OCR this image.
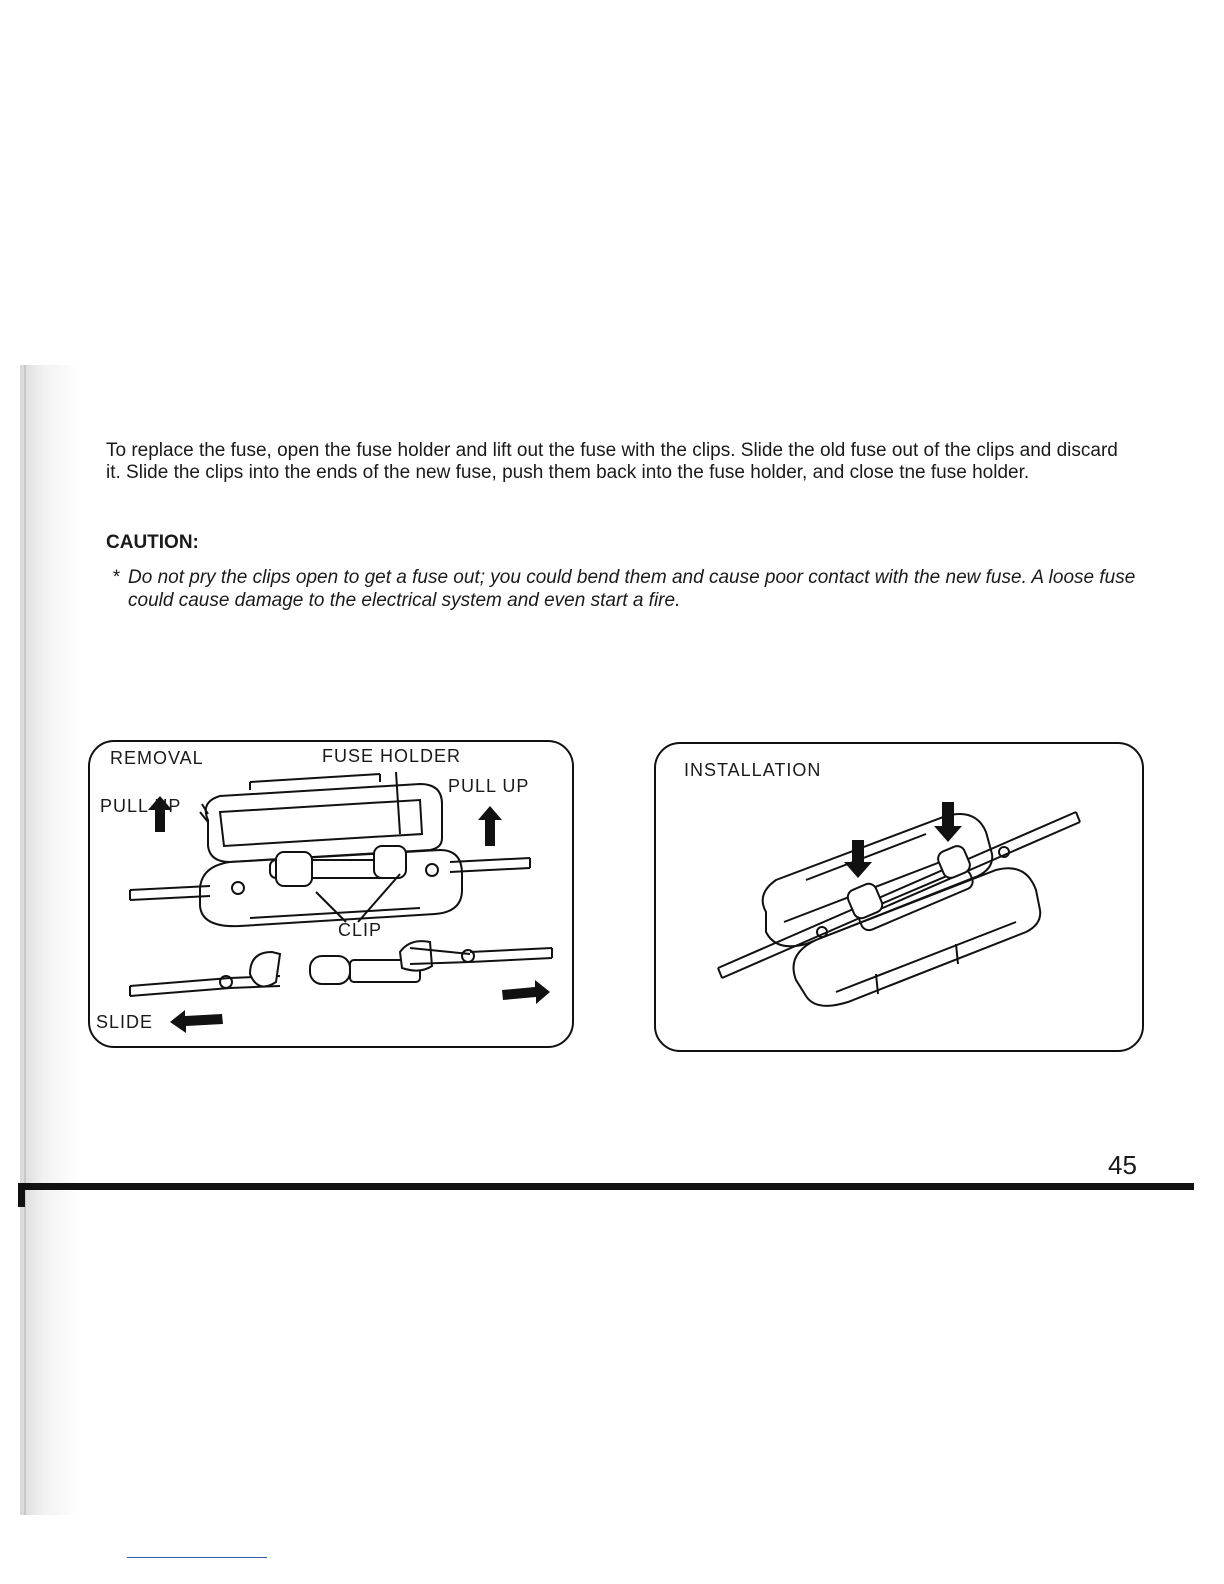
To replace the fuse, open the fuse holder and lift out the fuse with the clips. Slide the old fuse out of the clips and discard it. Slide the clips into the ends of the new fuse, push them back into the fuse holder, and close tne fuse holder.

CAUTION:

* Do not pry the clips open to get a fuse out; you could bend them and cause poor contact with the new fuse. A loose fuse could cause damage to the electrical system and even start a fire.

REMOVAL	FUSE HOLDER

PULL UP

PULL UP

CLIP

SLIDE

INSTALLATION

45
